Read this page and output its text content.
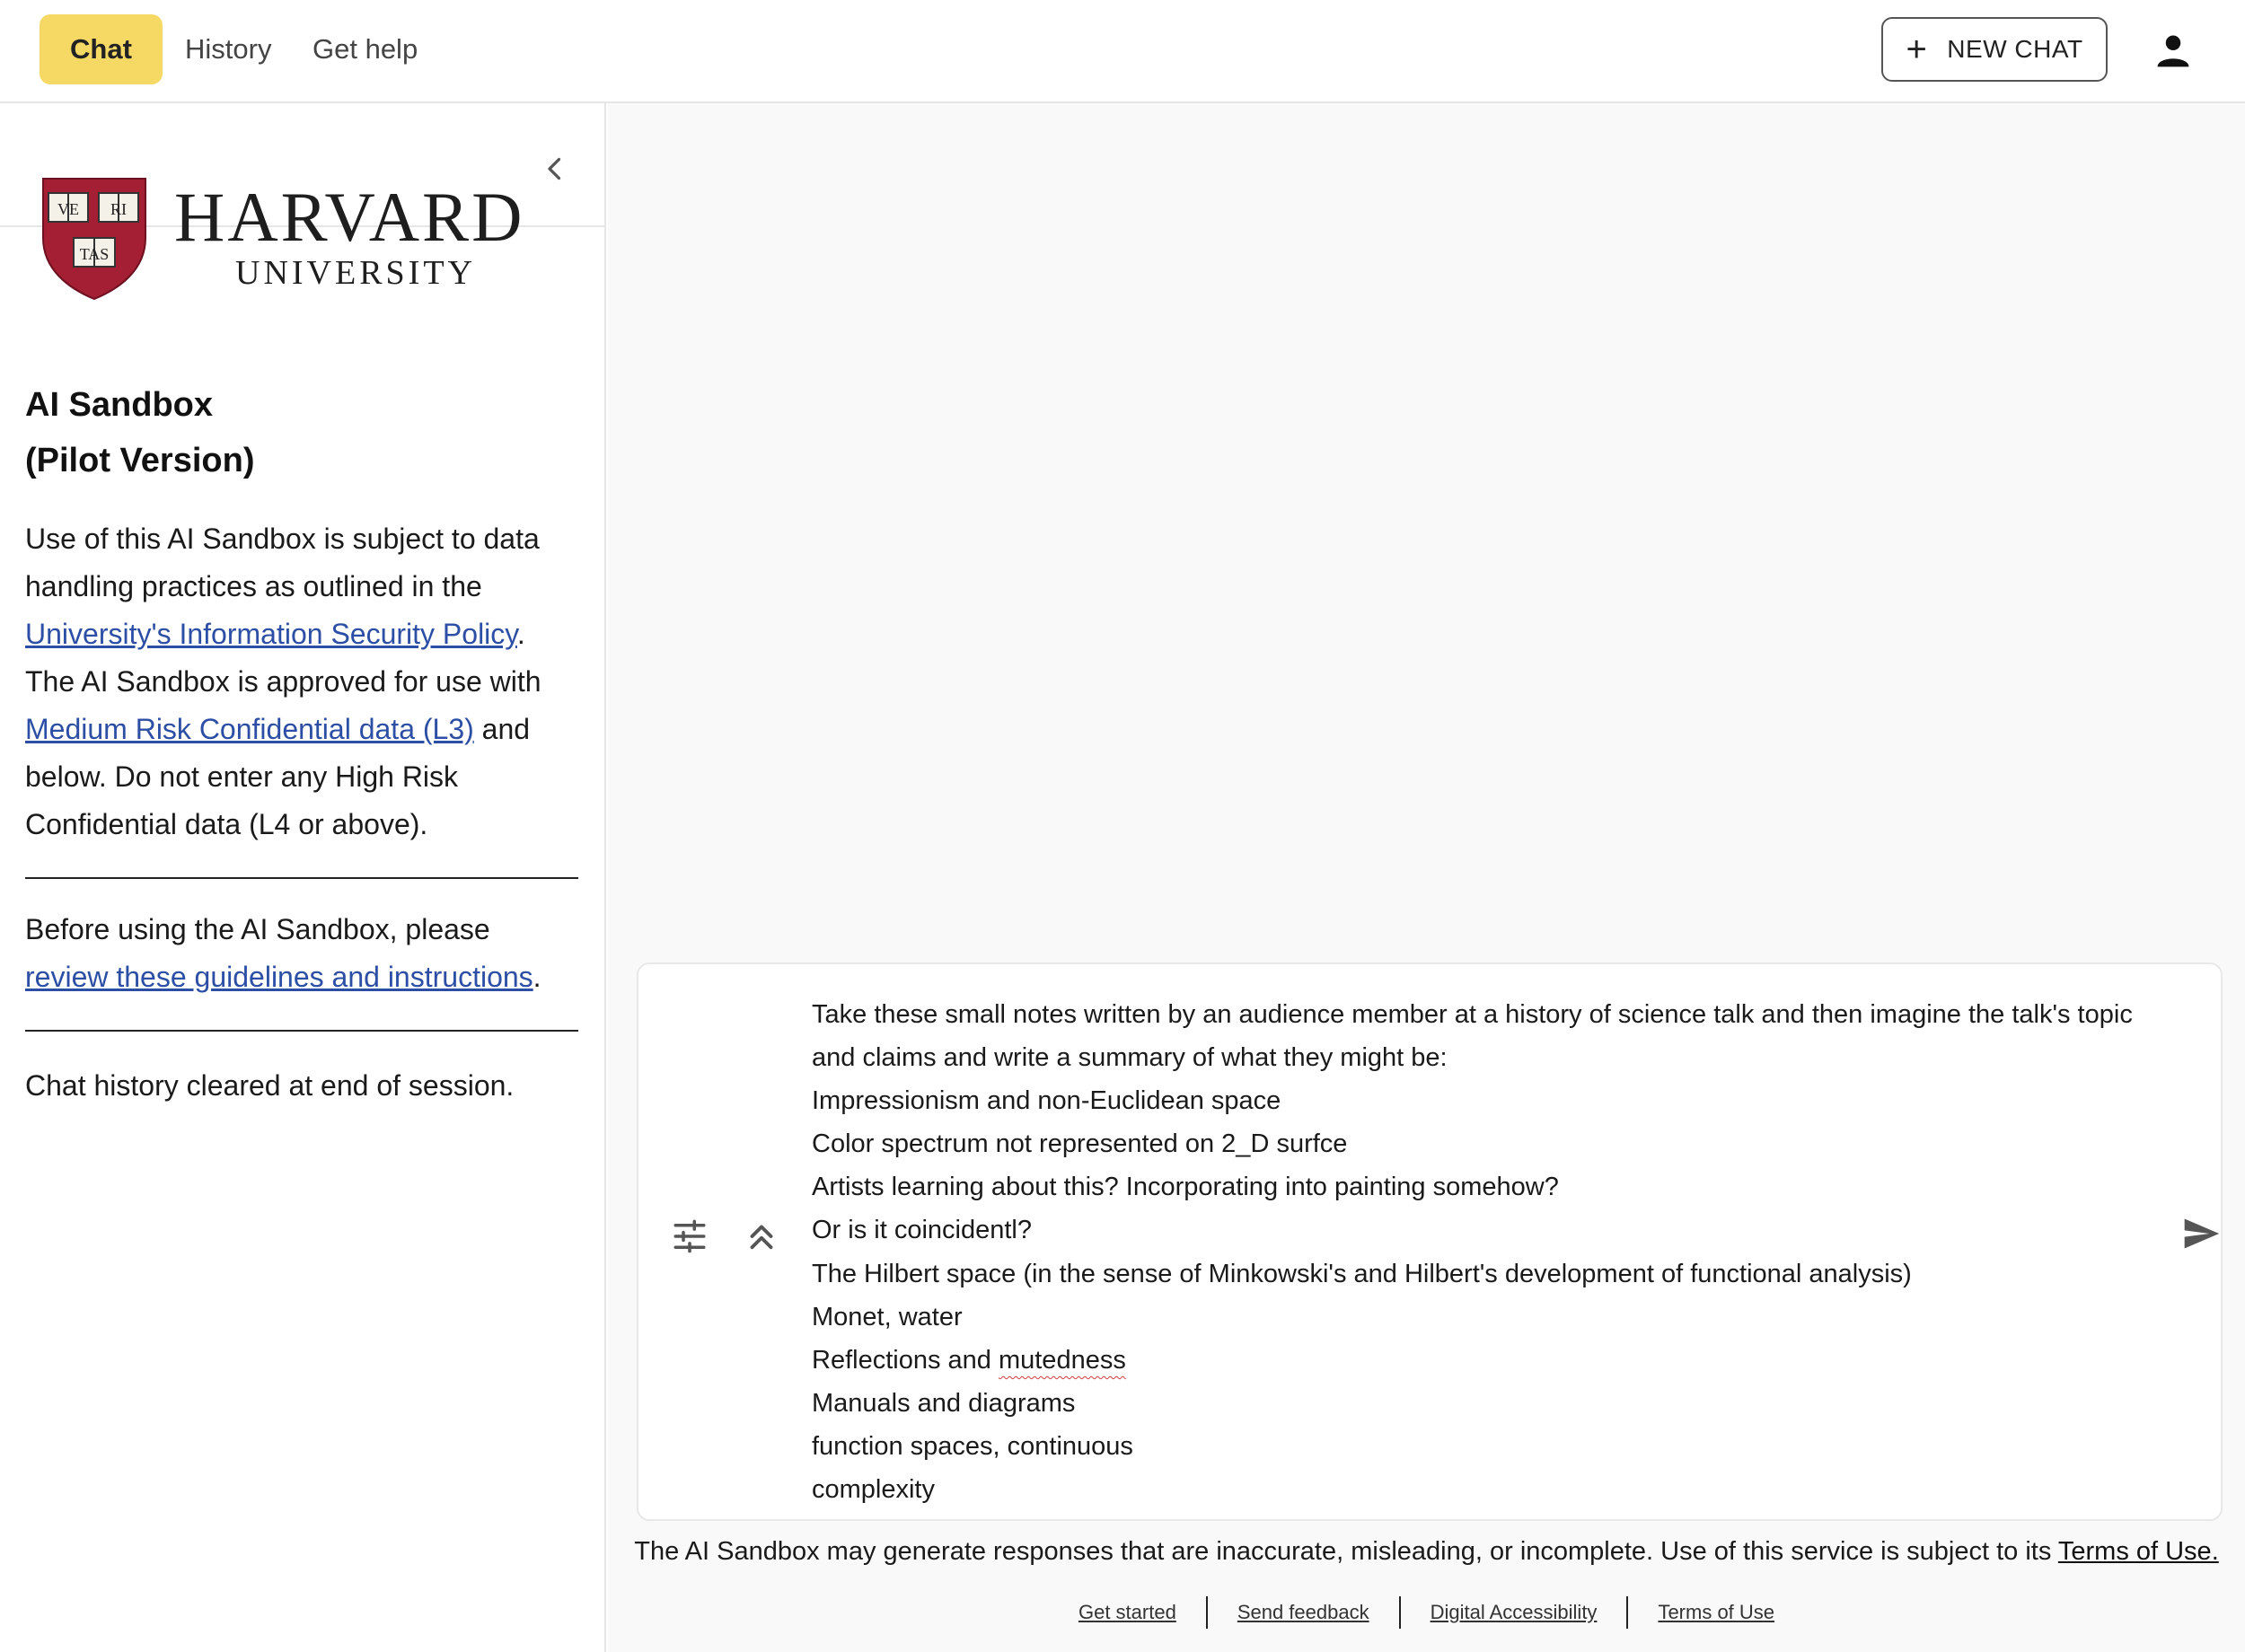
Chat	History	Get help	+ NEW CHAT
VE RI
TAS HARVARD
UNIVERSITY
AI Sandbox
(Pilot Version)

Use of this AI Sandbox is subject to data handling practices as outlined in the University's Information Security Policy. The AI Sandbox is approved for use with Medium Risk Confidential data (L3) and below. Do not enter any High Risk Confidential data (L4 or above).

Before using the AI Sandbox, please review these guidelines and instructions.

Chat history cleared at end of session.

Take these small notes written by an audience member at a history of science talk and then imagine the talk's topic
and claims and write a summary of what they might be:
Impressionism and non-Euclidean space
Color spectrum not represented on 2_D surfce
Artists learning about this? Incorporating into painting somehow?
Or is it coincidentl?
The Hilbert space (in the sense of Minkowski's and Hilbert's development of functional analysis)
Monet, water
Reflections and mutedness
Manuals and diagrams
function spaces, continuous
complexity
The AI Sandbox may generate responses that are inaccurate, misleading, or incomplete. Use of this service is subject to its Terms of Use.
Get started	Send feedback	Digital Accessibility	Terms of Use
